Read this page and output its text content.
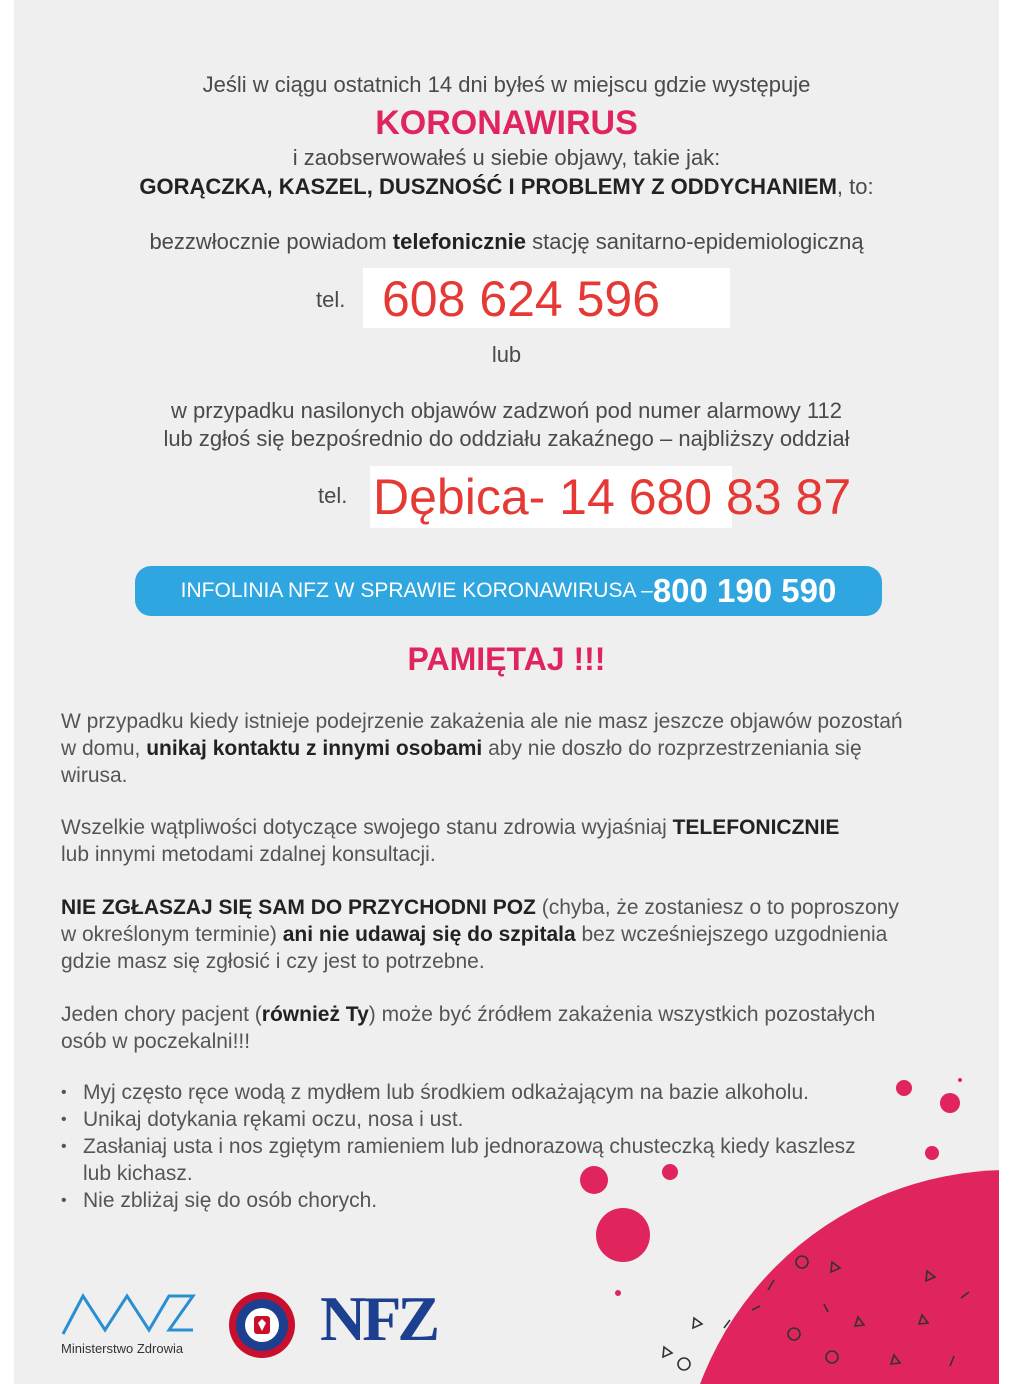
Jeśli w ciągu ostatnich 14 dni byłeś w miejscu gdzie występuje
KORONAWIRUS
i zaobserwowałeś u siebie objawy, takie jak:
GORĄCZKA, KASZEL, DUSZNOŚĆ I PROBLEMY Z ODDYCHANIEM, to:
bezzwłocznie powiadom telefonicznie stację sanitarno-epidemiologiczną
tel. 608 624 596
lub
w przypadku nasilonych objawów zadzwoń pod numer alarmowy 112
lub zgłoś się bezpośrednio do oddziału zakaźnego – najbliższy oddział
tel. Dębica- 14 680 83 87
INFOLINIA NFZ W SPRAWIE KORONAWIRUSA – 800 190 590
PAMIĘTAJ !!!
W przypadku kiedy istnieje podejrzenie zakażenia ale nie masz jeszcze objawów pozostań
w domu, unikaj kontaktu z innymi osobami aby nie doszło do rozprzestrzeniania się
wirusa.
Wszelkie wątpliwości dotyczące swojego stanu zdrowia wyjaśniaj TELEFONICZNIE
lub innymi metodami zdalnej konsultacji.
NIE ZGŁASZAJ SIĘ SAM DO PRZYCHODNI POZ (chyba, że zostaniesz o to poproszony
w określonym terminie) ani nie udawaj się do szpitala bez wcześniejszego uzgodnienia
gdzie masz się zgłosić i czy jest to potrzebne.
Jeden chory pacjent (również Ty) może być źródłem zakażenia wszystkich pozostałych
osób w poczekalni!!!
• Myj często ręce wodą z mydłem lub środkiem odkażającym na bazie alkoholu.
• Unikaj dotykania rękami oczu, nosa i ust.
• Zasłaniaj usta i nos zgiętym ramieniem lub jednorazową chusteczką kiedy kaszlesz lub kichasz.
• Nie zbliżaj się do osób chorych.
Ministerstwo Zdrowia NFZ
